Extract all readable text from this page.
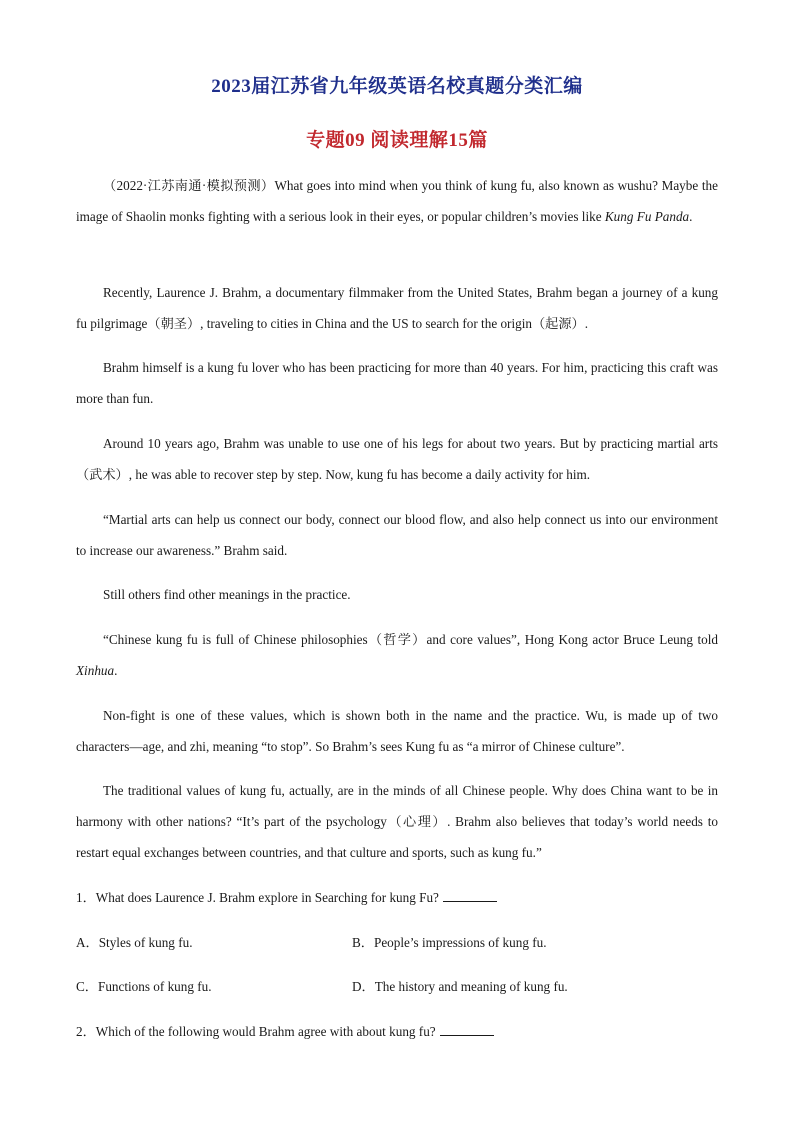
2023届江苏省九年级英语名校真题分类汇编
专题09 阅读理解15篇

（2022·江苏南通·模拟预测）What goes into mind when you think of kung fu, also known as wushu? Maybe the image of Shaolin monks fighting with a serious look in their eyes, or popular children’s movies like Kung Fu Panda.

Recently, Laurence J. Brahm, a documentary filmmaker from the United States, Brahm began a journey of a kung fu pilgrimage（朝圣）, traveling to cities in China and the US to search for the origin（起源）.

Brahm himself is a kung fu lover who has been practicing for more than 40 years. For him, practicing this craft was more than fun.

Around 10 years ago, Brahm was unable to use one of his legs for about two years. But by practicing martial arts（武术）, he was able to recover step by step. Now, kung fu has become a daily activity for him.

“Martial arts can help us connect our body, connect our blood flow, and also help connect us into our environment to increase our awareness.” Brahm said.

Still others find other meanings in the practice.

“Chinese kung fu is full of Chinese philosophies（哲学）and core values”, Hong Kong actor Bruce Leung told Xinhua.

Non-fight is one of these values, which is shown both in the name and the practice. Wu, is made up of two characters—age, and zhi, meaning “to stop”. So Brahm’s sees Kung fu as “a mirror of Chinese culture”.

The traditional values of kung fu, actually, are in the minds of all Chinese people. Why does China want to be in harmony with other nations? “It’s part of the psychology（心理）. Brahm also believes that today’s world needs to restart equal exchanges between countries, and that culture and sports, such as kung fu.”

1．What does Laurence J. Brahm explore in Searching for kung Fu?

A．Styles of kung fu.	B．People’s impressions of kung fu.

C．Functions of kung fu.	D．The history and meaning of kung fu.

2．Which of the following would Brahm agree with about kung fu?
